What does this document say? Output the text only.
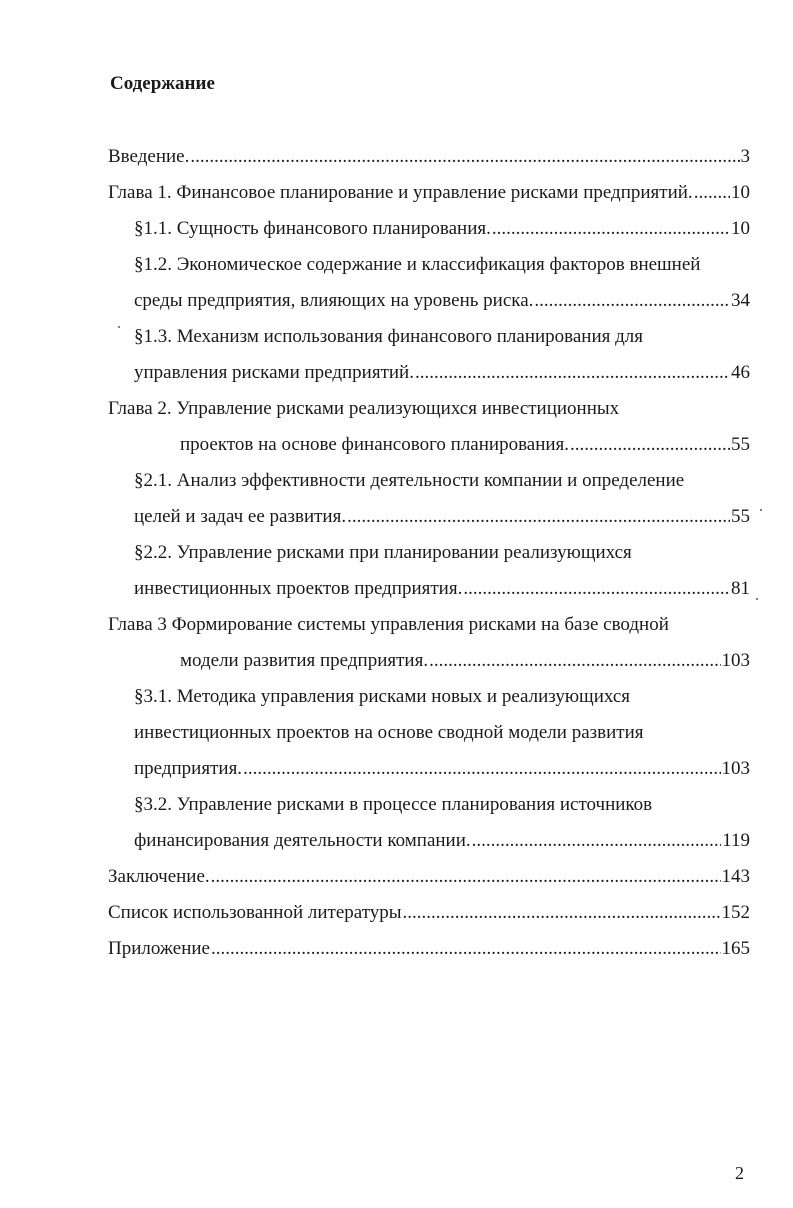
Содержание
Введение. .....	3
Глава 1. Финансовое планирование и управление рисками предприятий. ..... 10
§1.1. Сущность финансового планирования. .....	10
§1.2. Экономическое содержание и классификация факторов внешней
среды предприятия, влияющих на уровень риска. .....	34
§1.3. Механизм использования финансового планирования для
управления рисками предприятий. .....	46
Глава 2. Управление рисками реализующихся инвестиционных
проектов на основе финансового планирования. .....	55
§2.1. Анализ эффективности деятельности компании и определение
целей и задач ее развития. .....	55
§2.2. Управление рисками при планировании реализующихся
инвестиционных проектов предприятия. .....	81
Глава 3 Формирование системы управления рисками на базе сводной
модели развития предприятия. .....	103
§3.1. Методика управления рисками новых и реализующихся
инвестиционных проектов на основе сводной модели развития
предприятия. .....	103
§3.2. Управление рисками в процессе планирования источников
финансирования деятельности компании. .....	119
Заключение. .....	143
Список использованной литературы .....	152
Приложение .....	165
2
